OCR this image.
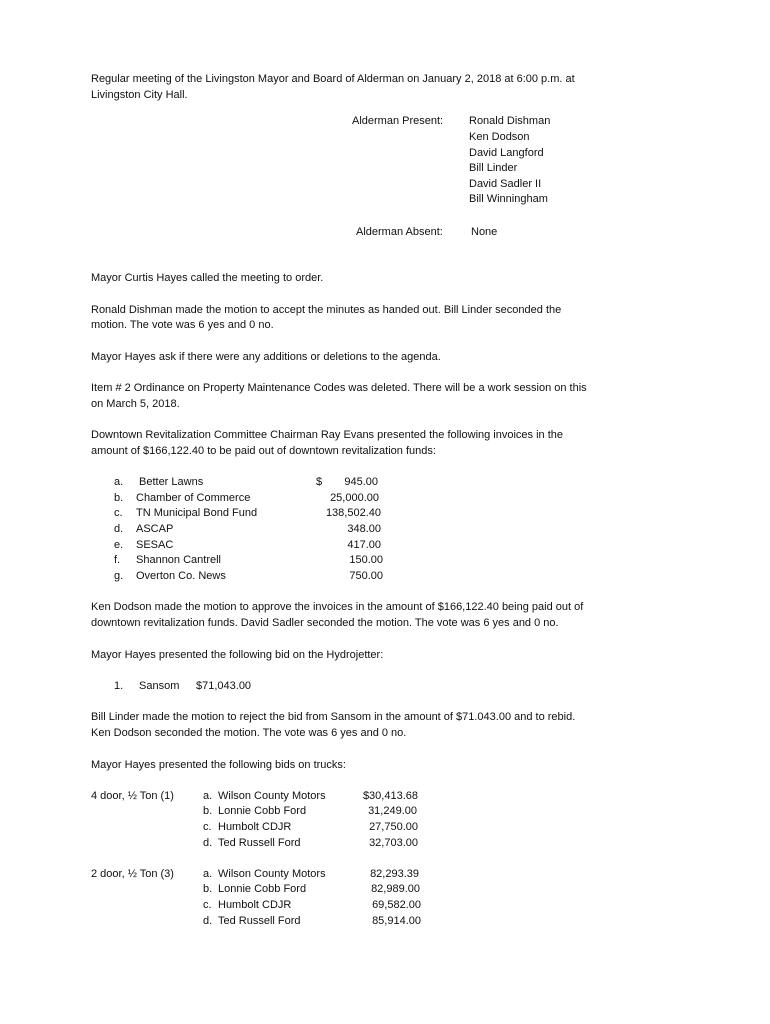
Regular meeting of the Livingston Mayor and Board of Alderman on January 2, 2018 at 6:00 p.m. at
Livingston City Hall.
Alderman Present: Ronald Dishman
Ken Dodson
David Langford
Bill Linder
David Sadler II
Bill Winningham
Alderman Absent:	None
Mayor Curtis Hayes called the meeting to order.
Ronald Dishman made the motion to accept the minutes as handed out. Bill Linder seconded the
motion. The vote was 6 yes and 0 no.
Mayor Hayes ask if there were any additions or deletions to the agenda.
Item # 2 Ordinance on Property Maintenance Codes was deleted. There will be a work session on this
on March 5, 2018.
Downtown Revitalization Committee Chairman Ray Evans presented the following invoices in the
amount of $166,122.40 to be paid out of downtown revitalization funds:
a. Better Lawns	$	945.00
b. Chamber of Commerce	25,000.00
c. TN Municipal Bond Fund	138,502.40
d. ASCAP	348.00
e. SESAC	417.00
f. Shannon Cantrell	150.00
g. Overton Co. News	750.00
Ken Dodson made the motion to approve the invoices in the amount of $166,122.40 being paid out of
downtown revitalization funds. David Sadler seconded the motion. The vote was 6 yes and 0 no.
Mayor Hayes presented the following bid on the Hydrojetter:
1. Sansom $71,043.00
Bill Linder made the motion to reject the bid from Sansom in the amount of $71.043.00 and to rebid.
Ken Dodson seconded the motion. The vote was 6 yes and 0 no.
Mayor Hayes presented the following bids on trucks:
4 door, ½ Ton (1)	a. Wilson County Motors	$30,413.68
b. Lonnie Cobb Ford	31,249.00
c. Humbolt CDJR	27,750.00
d. Ted Russell Ford	32,703.00
2 door, ½ Ton (3)	a. Wilson County Motors	82,293.39
b. Lonnie Cobb Ford	82,989.00
c. Humbolt CDJR	69,582.00
d. Ted Russell Ford	85,914.00
